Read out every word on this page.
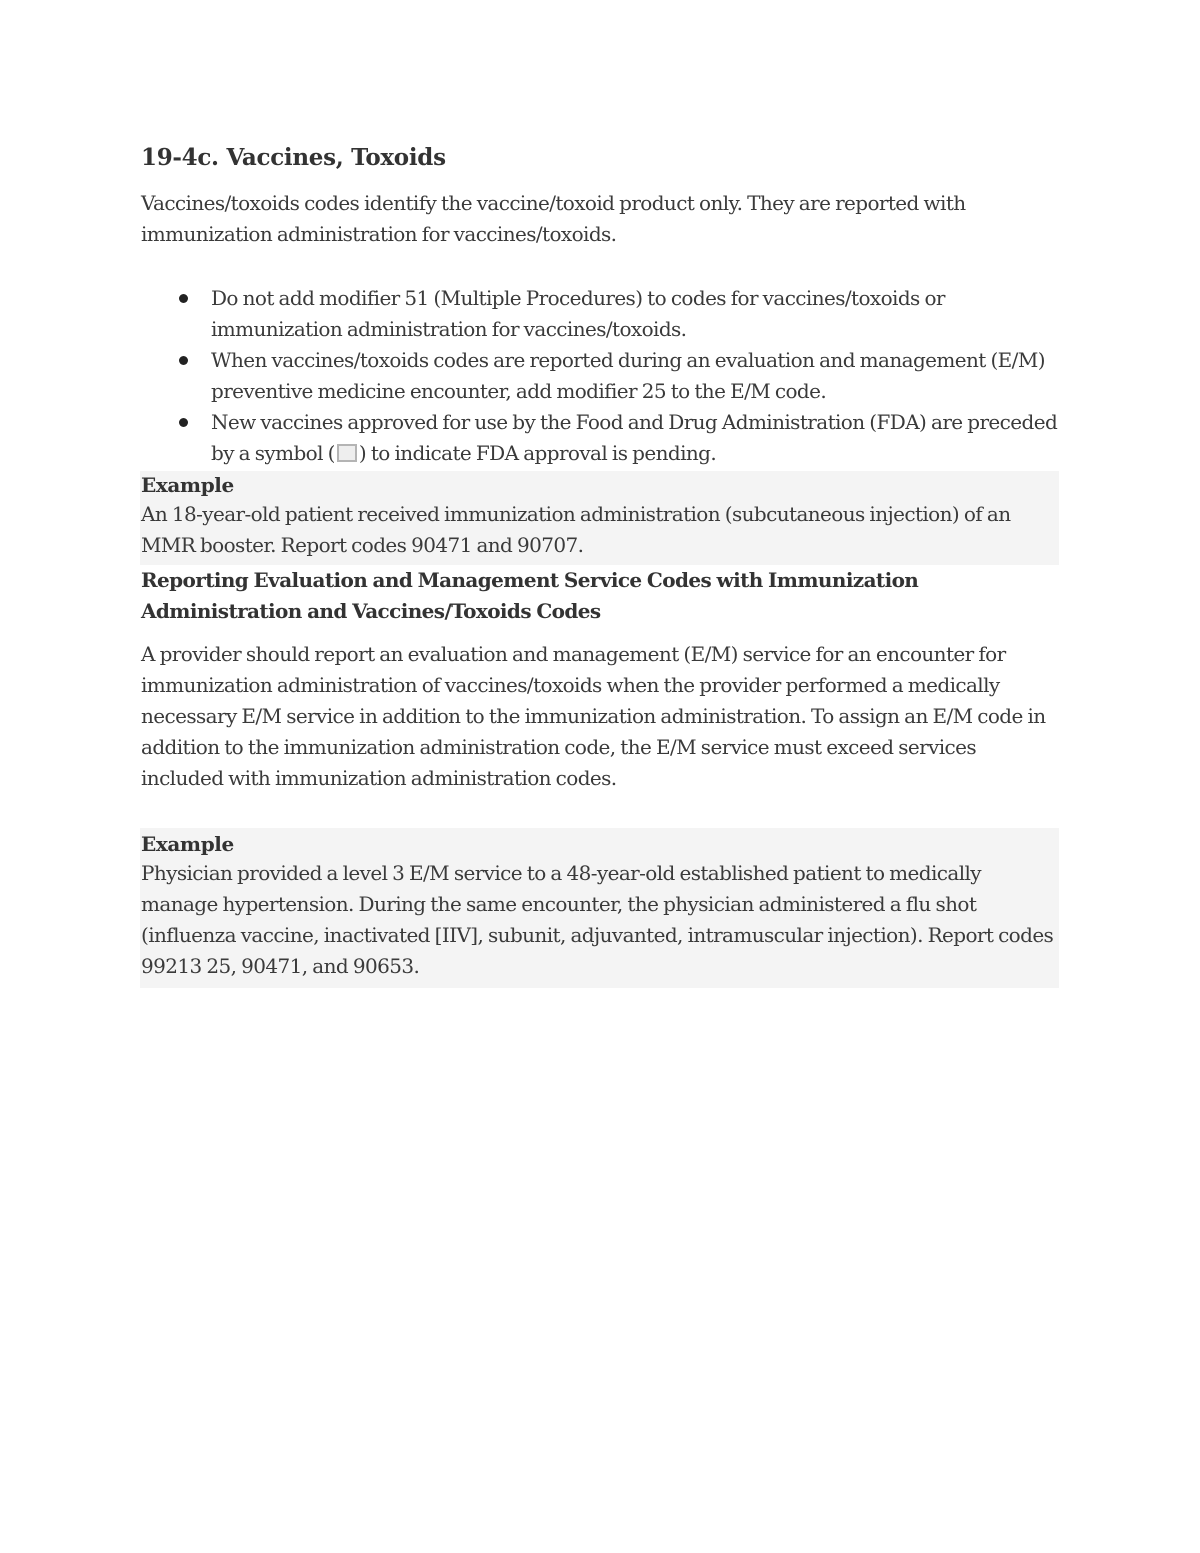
19-4c. Vaccines, Toxoids

Vaccines/toxoids codes identify the vaccine/toxoid product only. They are reported with immunization administration for vaccines/toxoids.

Do not add modifier 51 (Multiple Procedures) to codes for vaccines/toxoids or immunization administration for vaccines/toxoids.
When vaccines/toxoids codes are reported during an evaluation and management (E/M) preventive medicine encounter, add modifier 25 to the E/M code.
New vaccines approved for use by the Food and Drug Administration (FDA) are preceded by a symbol ( ) to indicate FDA approval is pending.
Example
An 18-year-old patient received immunization administration (subcutaneous injection) of an MMR booster. Report codes 90471 and 90707.
Reporting Evaluation and Management Service Codes with Immunization Administration and Vaccines/Toxoids Codes

A provider should report an evaluation and management (E/M) service for an encounter for immunization administration of vaccines/toxoids when the provider performed a medically necessary E/M service in addition to the immunization administration. To assign an E/M code in addition to the immunization administration code, the E/M service must exceed services included with immunization administration codes.

Example
Physician provided a level 3 E/M service to a 48-year-old established patient to medically manage hypertension. During the same encounter, the physician administered a flu shot (influenza vaccine, inactivated [IIV], subunit, adjuvanted, intramuscular injection). Report codes 99213 25, 90471, and 90653.
